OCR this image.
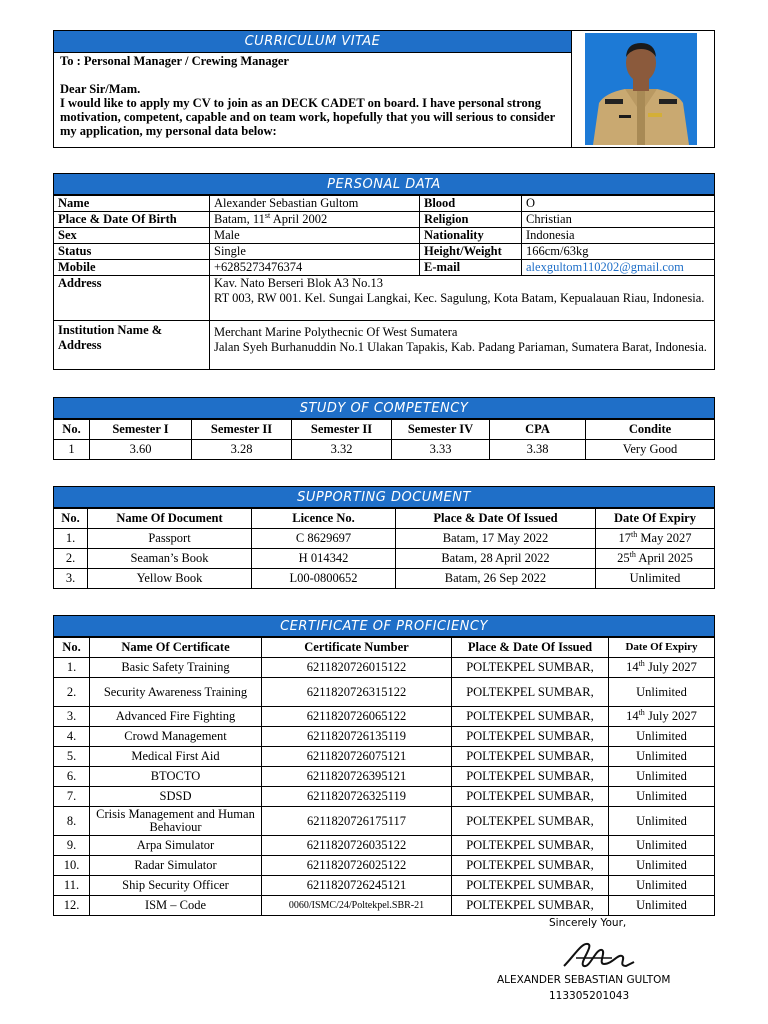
CURRICULUM VITAE
To : Personal Manager / Crewing Manager
Dear Sir/Mam.
I would like to apply my CV to join as an DECK CADET on board. I have personal strong motivation, competent, capable and on team work, hopefully that you will serious to consider my application, my personal data below:
PERSONAL DATA
Name	Alexander Sebastian Gultom	Blood	O
Place & Date Of Birth	Batam, 11st April 2002	Religion	Christian
Sex	Male	Nationality	Indonesia
Status	Single	Height/Weight	166cm/63kg
Mobile	+6285273476374	E-mail	alexgultom110202@gmail.com
Address	Kav. Nato Berseri Blok A3 No.13
RT 003, RW 001. Kel. Sungai Langkai, Kec. Sagulung, Kota Batam, Kepualauan Riau, Indonesia.		

Institution Name & Address	Merchant Marine Polythecnic Of West Sumatera
Jalan Syeh Burhanuddin No.1 Ulakan Tapakis, Kab. Padang Pariaman, Sumatera Barat, Indonesia.		
STUDY OF COMPETENCY
No.	Semester I	Semester II	Semester II	Semester IV	CPA	Condite
1	3.60	3.28	3.32	3.33	3.38	Very Good
SUPPORTING DOCUMENT
No.	Name Of Document	Licence No.	Place & Date Of Issued	Date Of Expiry
1.	Passport	C 8629697	Batam, 17 May 2022	17th May 2027
2.	Seaman’s Book	H 014342	Batam, 28 April 2022	25th April 2025
3.	Yellow Book	L00-0800652	Batam, 26 Sep 2022	Unlimited
CERTIFICATE OF PROFICIENCY
No.	Name Of Certificate	Certificate Number	Place & Date Of Issued	Date Of Expiry
1.	Basic Safety Training	6211820726015122	POLTEKPEL SUMBAR,	14th July 2027
2.	Security Awareness Training	6211820726315122	POLTEKPEL SUMBAR,	Unlimited
3.	Advanced Fire Fighting	6211820726065122	POLTEKPEL SUMBAR,	14th July 2027
4.	Crowd Management	6211820726135119	POLTEKPEL SUMBAR,	Unlimited
5.	Medical First Aid	6211820726075121	POLTEKPEL SUMBAR,	Unlimited
6.	BTOCTO	6211820726395121	POLTEKPEL SUMBAR,	Unlimited
7.	SDSD	6211820726325119	POLTEKPEL SUMBAR,	Unlimited
8.	Crisis Management and Human Behaviour	6211820726175117	POLTEKPEL SUMBAR,	Unlimited
9.	Arpa Simulator	6211820726035122	POLTEKPEL SUMBAR,	Unlimited
10.	Radar Simulator	6211820726025122	POLTEKPEL SUMBAR,	Unlimited
11.	Ship Security Officer	6211820726245121	POLTEKPEL SUMBAR,	Unlimited
12.	ISM – Code	0060/ISMC/24/Poltekpel.SBR-21	POLTEKPEL SUMBAR,	Unlimited
Sincerely Your,
ALEXANDER SEBASTIAN GULTOM
113305201043
